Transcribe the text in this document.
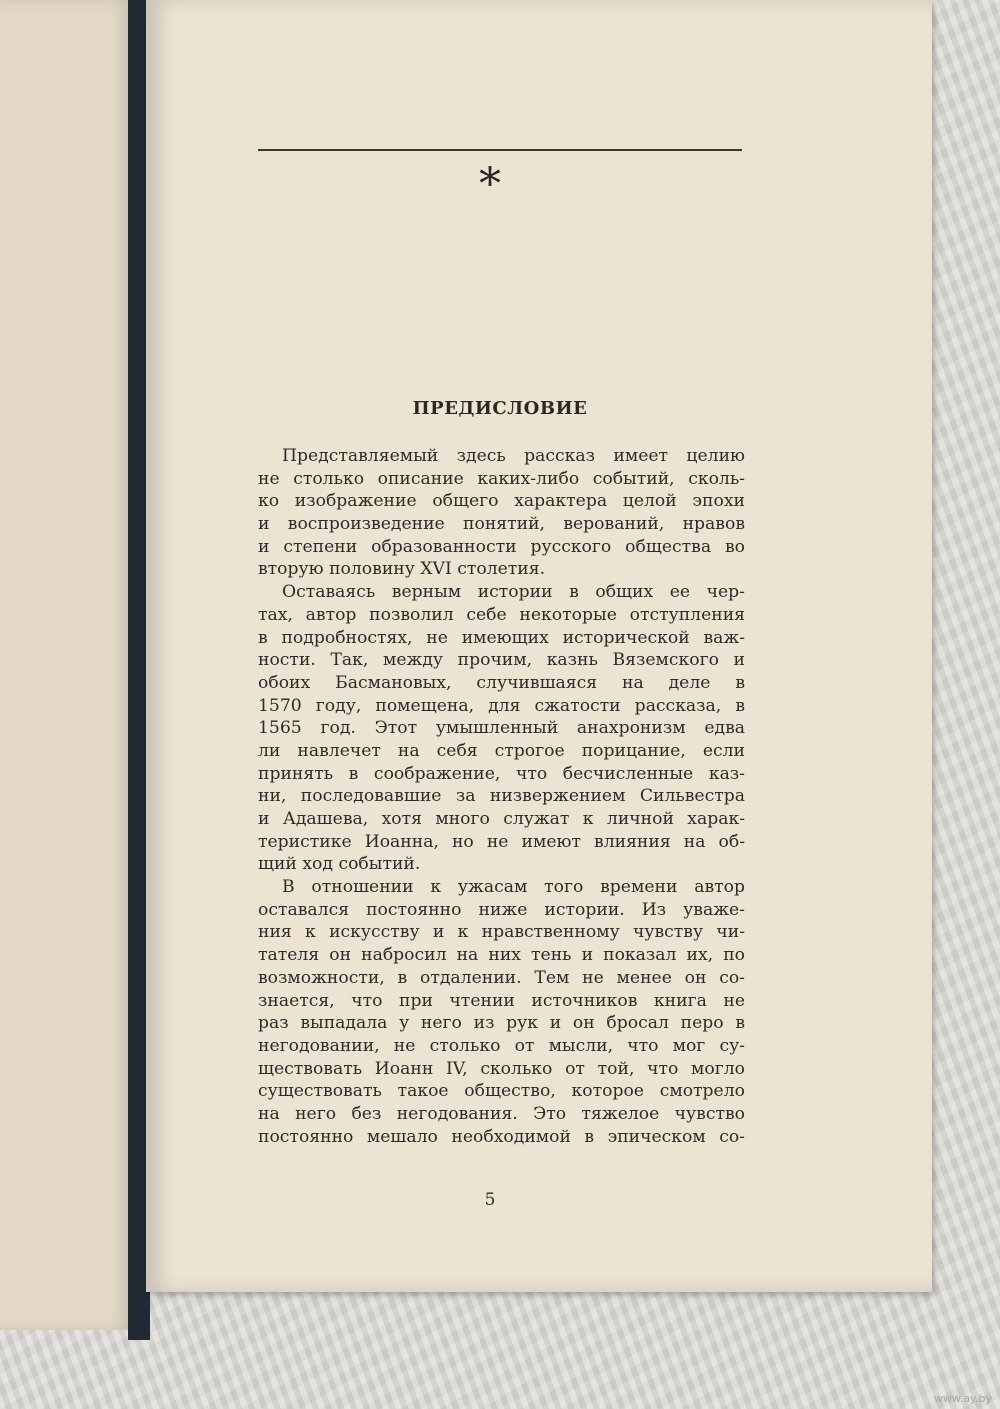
*
ПРЕДИСЛОВИЕ
Представляемый здесь рассказ имеет целию
не столько описание каких-либо событий, сколь-
ко изображение общего характера целой эпохи
и воспроизведение понятий, верований, нравов
и степени образованности русского общества во
вторую половину XVI столетия.
Оставаясь верным истории в общих ее чер-
тах, автор позволил себе некоторые отступления
в подробностях, не имеющих исторической важ-
ности. Так, между прочим, казнь Вяземского и
обоих Басмановых, случившаяся на деле в
1570 году, помещена, для сжатости рассказа, в
1565 год. Этот умышленный анахронизм едва
ли навлечет на себя строгое порицание, если
принять в соображение, что бесчисленные каз-
ни, последовавшие за низвержением Сильвестра
и Адашева, хотя много служат к личной харак-
теристике Иоанна, но не имеют влияния на об-
щий ход событий.
В отношении к ужасам того времени автор
оставался постоянно ниже истории. Из уваже-
ния к искусству и к нравственному чувству чи-
тателя он набросил на них тень и показал их, по
возможности, в отдалении. Тем не менее он со-
знается, что при чтении источников книга не
раз выпадала у него из рук и он бросал перо в
негодовании, не столько от мысли, что мог су-
ществовать Иоанн IV, сколько от той, что могло
существовать такое общество, которое смотрело
на него без негодования. Это тяжелое чувство
постоянно мешало необходимой в эпическом со-
5
www.ay.by
